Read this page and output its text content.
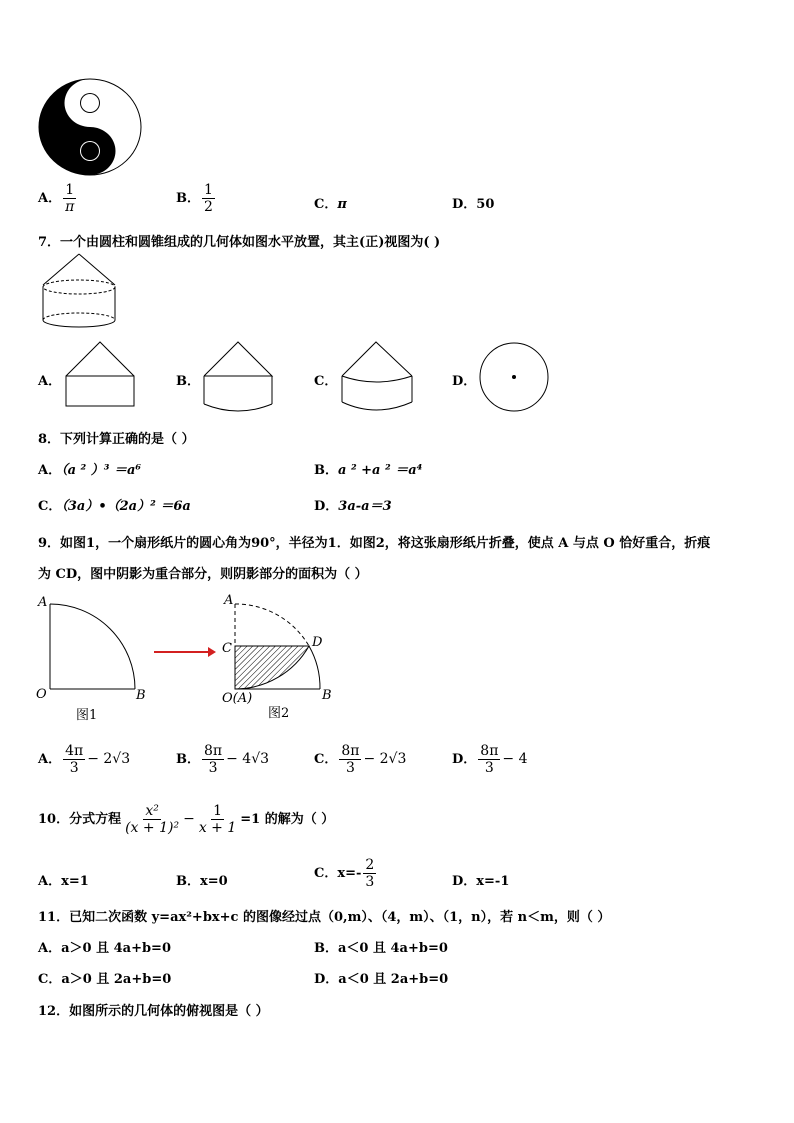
A． $\frac{1}{\pi}$	B． $\frac{1}{2}$	C．π	D．50
7．一个由圆柱和圆锥组成的几何体如图水平放置，其主(正)视图为( )
A．	B．	C．	D．
8．下列计算正确的是（ ）
A．（a ² ）³ ＝a⁶	B．a ² +a ² ＝a⁴
C．（3a）•（2a）² ＝6a	D．3a-a＝3
9．如图1，一个扇形纸片的圆心角为90°，半径为1．如图2，将这张扇形纸片折叠，使点 A 与点 O 恰好重合，折痕
为 CD，图中阴影为重合部分，则阴影部分的面积为（ ）
A
O	B
图1
A
C	D
O(A)	B
图2
A． $\frac{4\pi}{3} - 2√3$	B． $\frac{8\pi}{3} - 4√3$	C． $\frac{8\pi}{3} - 2√3$	D． $\frac{8\pi}{3} - 4$
10．分式方程 $\frac{\text{x²}}{\text{(x + 1)²}} - \frac{1}{x + 1} =1$ 的解为（ ）
A．x=1	B．x=0
C．$x=- \frac{2}{3}$	D．x=-1
11．已知二次函数 y=ax²+bx+c 的图像经过点（0,m）、（4，m）、（1，n），若 n＜m，则（ ）
A．a＞0 且 4a+b=0	B．a＜0 且 4a+b=0
C．a＞0 且 2a+b=0	D．a＜0 且 2a+b=0
12．如图所示的几何体的俯视图是（ ）
